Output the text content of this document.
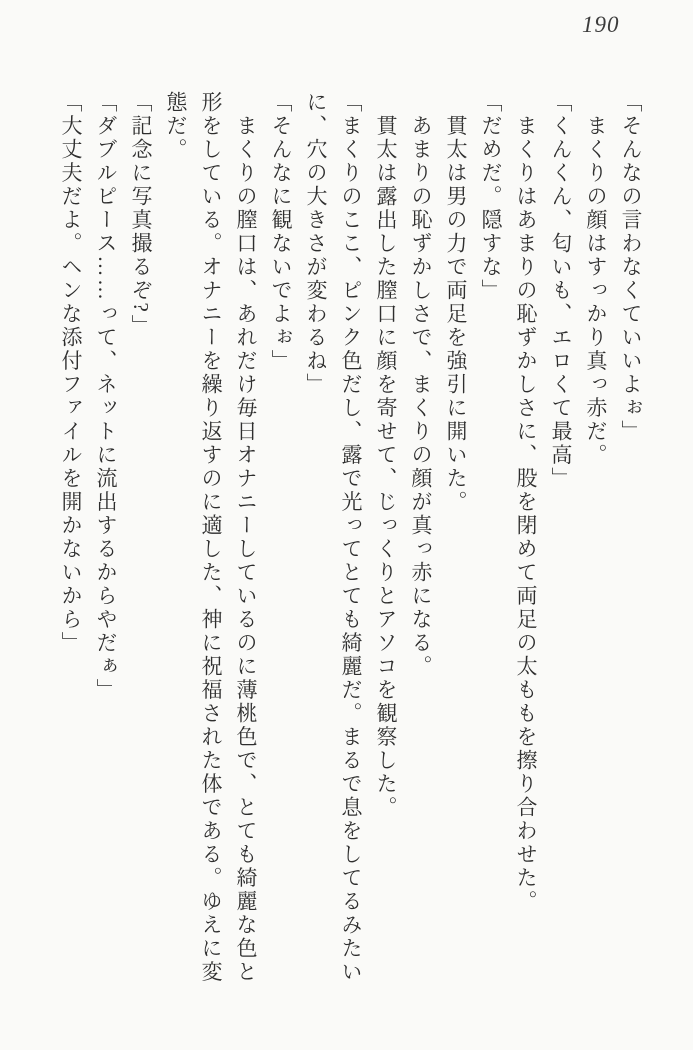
190

「そんなの言わなくていいよぉ」

　まくりの顔はすっかり真っ赤だ。

「くんくん、匂いも、エロくて最高」

　まくりはあまりの恥ずかしさに、股を閉めて両足の太ももを擦り合わせた。

「だめだ。隠すな」

　貫太は男の力で両足を強引に開いた。

　あまりの恥ずかしさで、まくりの顔が真っ赤になる。

　貫太は露出した膣口に顔を寄せて、じっくりとアソコを観察した。

「まくりのここ、ピンク色だし、露で光ってとても綺麗だ。まるで息をしてるみたい

に、穴の大きさが変わるね」

「そんなに観ないでよぉ」

　まくりの膣口は、あれだけ毎日オナニーしているのに薄桃色で、とても綺麗な色と

形をしている。オナニーを繰り返すのに適した、神に祝福された体である。ゆえに変

態だ。

「記念に写真撮るぞ?」

「ダブルピース……って、ネットに流出するからやだぁ」

「大丈夫だよ。ヘンな添付ファイルを開かないから」
